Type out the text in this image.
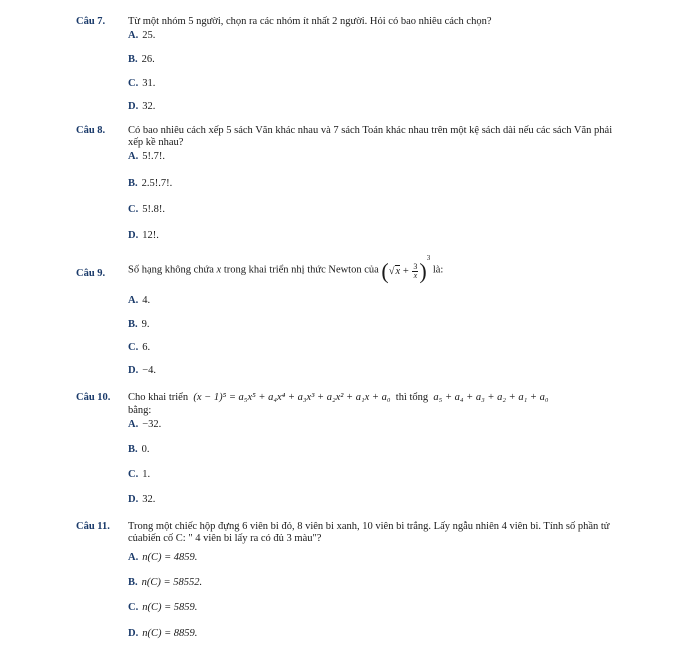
Câu 7. Từ một nhóm 5 người, chọn ra các nhóm ít nhất 2 người. Hỏi có bao nhiêu cách chọn?
A. 25.
B. 26.
C. 31.
D. 32.
Câu 8. Có bao nhiêu cách xếp 5 sách Văn khác nhau và 7 sách Toán khác nhau trên một kệ sách dài nếu các sách Văn phải xếp kề nhau?
A. 5!.7!.
B. 2.5!.7!.
C. 5!.8!.
D. 12!.
Câu 9. Số hạng không chứa x trong khai triển nhị thức Newton của $(√x + \frac{3}{x} )^3$ là:
A. 4.
B. 9.
C. 6.
D. −4.
Câu 10. Cho khai triển (x − 1)⁵ = a₅x⁵ + a₄x⁴ + a₃x³ + a₂x² + a₁x + a₀ thì tổng a₅ + a₄ + a₃ + a₂ + a₁ + a₀
bằng:
A. −32.
B. 0.
C. 1.
D. 32.
Câu 11. Trong một chiếc hộp đựng 6 viên bi đỏ, 8 viên bi xanh, 10 viên bi trắng. Lấy ngẫu nhiên 4 viên bi. Tính số phần tử củabiến cố C: " 4 viên bi lấy ra có đủ 3 màu"?
A. n(C) = 4859.
B. n(C) = 58552.
C. n(C) = 5859.
D. n(C) = 8859.
